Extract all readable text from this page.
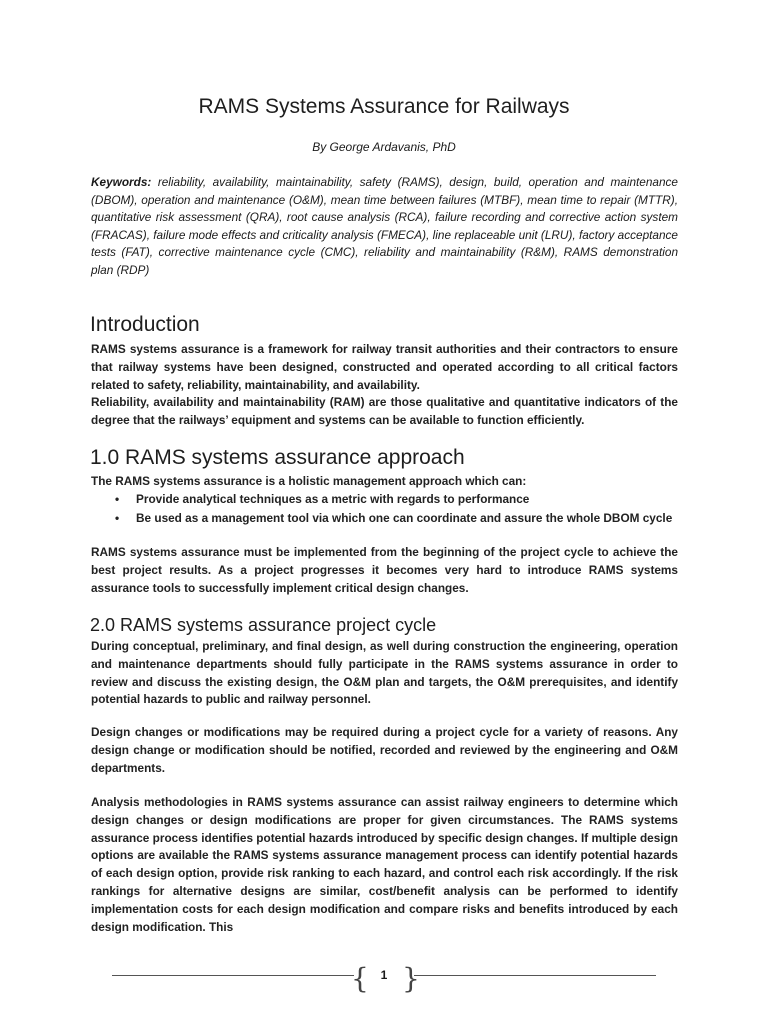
RAMS Systems Assurance for Railways
By George Ardavanis, PhD
Keywords: reliability, availability, maintainability, safety (RAMS), design, build, operation and maintenance (DBOM), operation and maintenance (O&M), mean time between failures (MTBF), mean time to repair (MTTR), quantitative risk assessment (QRA), root cause analysis (RCA), failure recording and corrective action system (FRACAS), failure mode effects and criticality analysis (FMECA), line replaceable unit (LRU), factory acceptance tests (FAT), corrective maintenance cycle (CMC), reliability and maintainability (R&M), RAMS demonstration plan (RDP)
Introduction

RAMS systems assurance is a framework for railway transit authorities and their contractors to ensure that railway systems have been designed, constructed and operated according to all critical factors related to safety, reliability, maintainability, and availability.

Reliability, availability and maintainability (RAM) are those qualitative and quantitative indicators of the degree that the railways’ equipment and systems can be available to function efficiently.

1.0 RAMS systems assurance approach
The RAMS systems assurance is a holistic management approach which can:
•	Provide analytical techniques as a metric with regards to performance
•	Be used as a management tool via which one can coordinate and assure the whole DBOM cycle
RAMS systems assurance must be implemented from the beginning of the project cycle to achieve the best project results. As a project progresses it becomes very hard to introduce RAMS systems assurance tools to successfully implement critical design changes.
2.0 RAMS systems assurance project cycle
During conceptual, preliminary, and final design, as well during construction the engineering, operation and maintenance departments should fully participate in the RAMS systems assurance in order to review and discuss the existing design, the O&M plan and targets, the O&M prerequisites, and identify potential hazards to public and railway personnel.
Design changes or modifications may be required during a project cycle for a variety of reasons. Any design change or modification should be notified, recorded and reviewed by the engineering and O&M departments.
Analysis methodologies in RAMS systems assurance can assist railway engineers to determine which design changes or design modifications are proper for given circumstances. The RAMS systems assurance process identifies potential hazards introduced by specific design changes. If multiple design options are available the RAMS systems assurance management process can identify potential hazards of each design option, provide risk ranking to each hazard, and control each risk accordingly. If the risk rankings for alternative designs are similar, cost/benefit analysis can be performed to identify implementation costs for each design modification and compare risks and benefits introduced by each design modification. This
{ }
1
